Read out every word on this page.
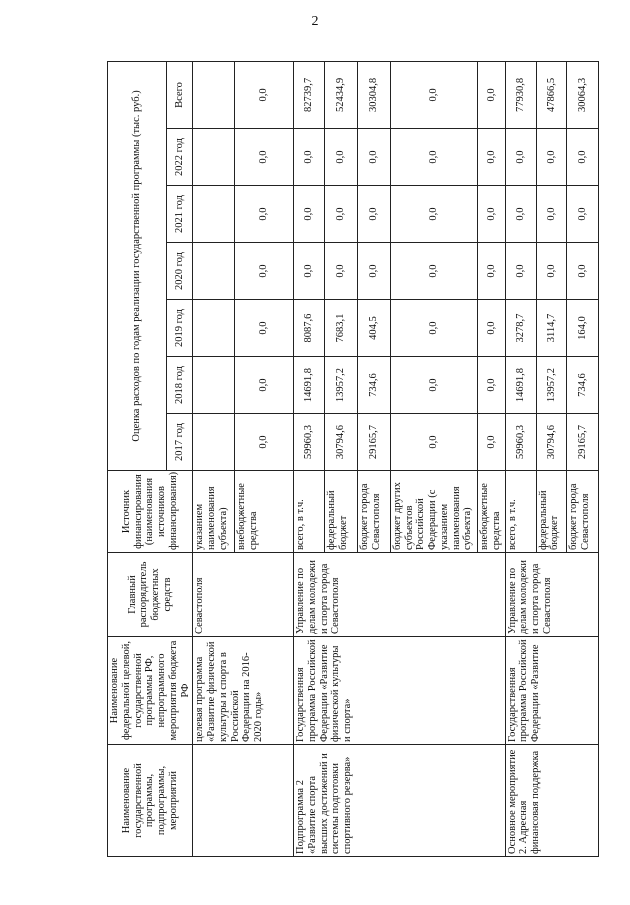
2
Наименование государственной программы, подпрограммы, мероприятий	Наименование федеральной целевой, государственной программы РФ, непрограммного мероприятия бюджета РФ	Главный распорядитель бюджетных средств	Источник финансирования (наименования источников финансирования)	Оценка расходов по годам реализации государственной программы (тыс. руб.)						
				2017 год	2018 год	2019 год	2020 год	2021 год	2022 год	Всего
	целевая программа «Развитие физической культуры и спорта в Российской Федерации на 2016-2020 годы»	Севастополя	указанием наименования субъекта)							
			внебюджетные средства	0,0	0,0	0,0	0,0	0,0	0,0	0,0
Подпрограмма 2 «Развитие спорта высших достижений и системы подготовки спортивного резерва»	Государственная программа Российской Федерации «Развитие физической культуры и спорта»	Управление по делам молодежи и спорта города Севастополя	всего, в т.ч.	59960,3	14691,8	8087,6	0,0	0,0	0,0	82739,7
			федеральный бюджет	30794,6	13957,2	7683,1	0,0	0,0	0,0	52434,9
			бюджет города Севастополя	29165,7	734,6	404,5	0,0	0,0	0,0	30304,8
			бюджет других субъектов Российской Федерации (с указанием наименования субъекта)	0,0	0,0	0,0	0,0	0,0	0,0	0,0
			внебюджетные средства	0,0	0,0	0,0	0,0	0,0	0,0	0,0
Основное мероприятие 2. Адресная финансовая поддержка	Государственная программа Российской Федерации «Развитие	Управление по делам молодежи и спорта города Севастополя	всего, в т.ч.	59960,3	14691,8	3278,7	0,0	0,0	0,0	77930,8
			федеральный бюджет	30794,6	13957,2	3114,7	0,0	0,0	0,0	47866,5
			бюджет города Севастополя	29165,7	734,6	164,0	0,0	0,0	0,0	30064,3
